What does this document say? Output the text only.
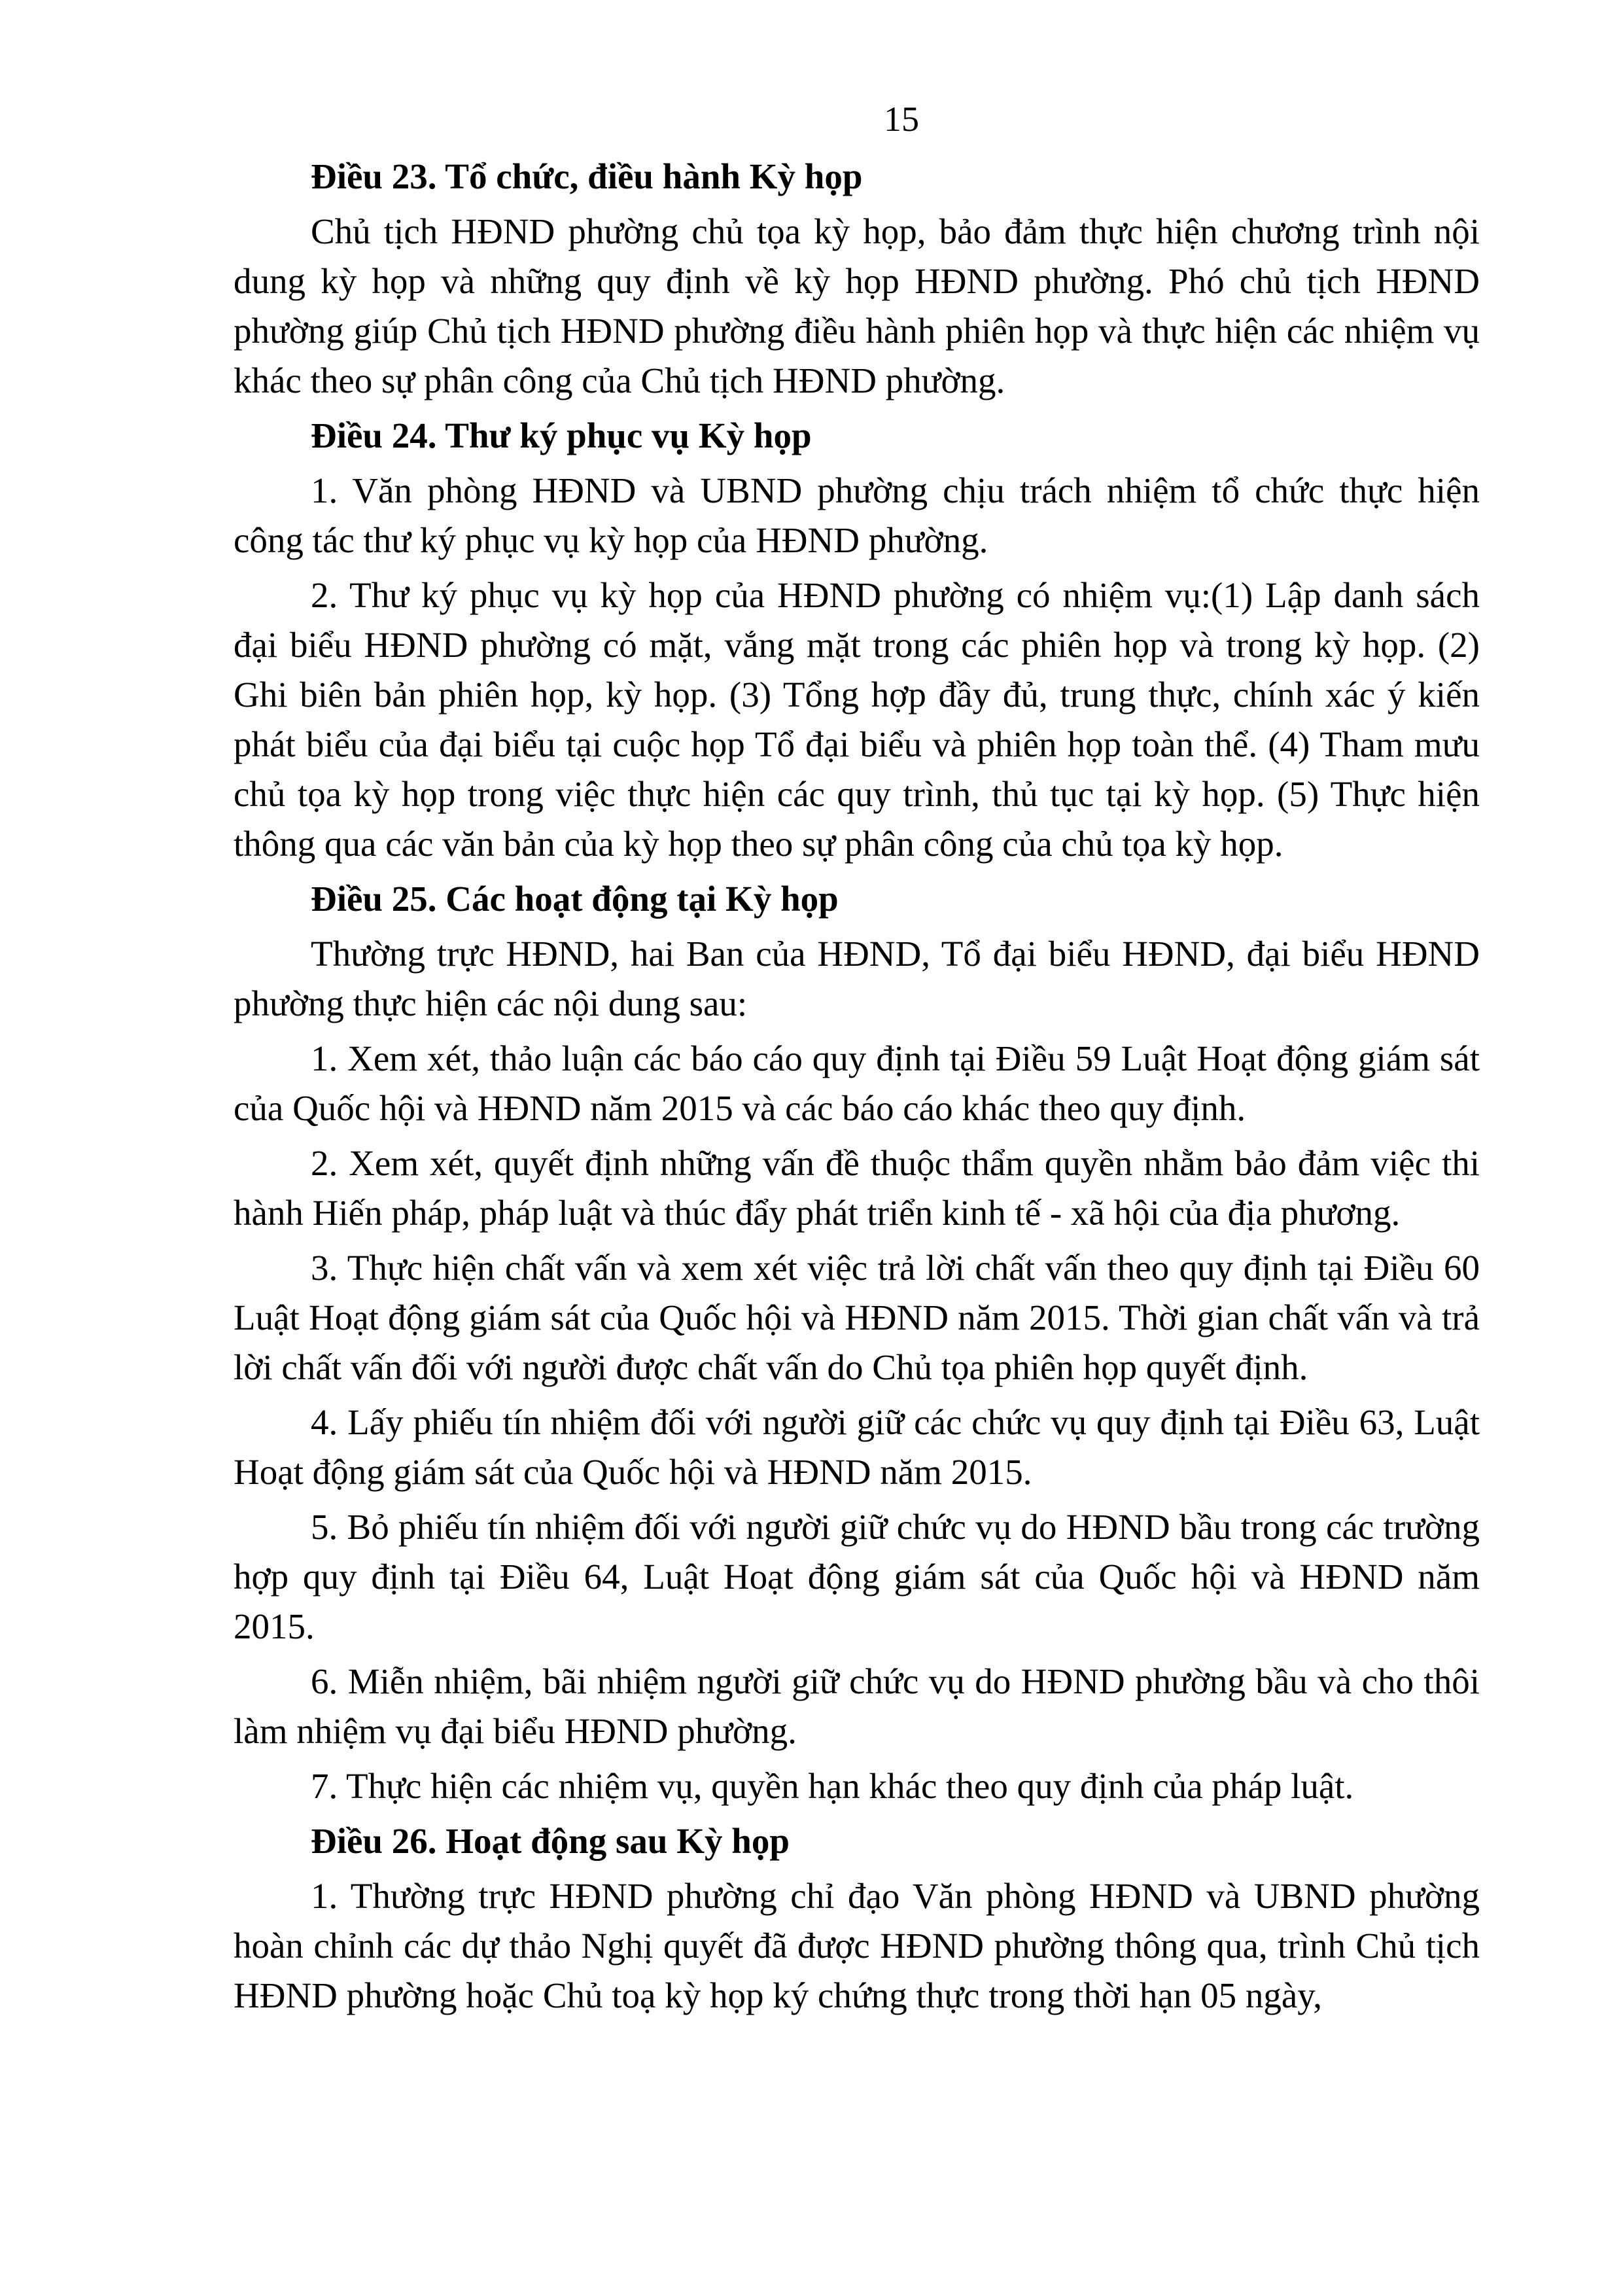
15
Điều 23. Tổ chức, điều hành Kỳ họp

Chủ tịch HĐND phường chủ tọa kỳ họp, bảo đảm thực hiện chương trình nội dung kỳ họp và những quy định về kỳ họp HĐND phường. Phó chủ tịch HĐND phường giúp Chủ tịch HĐND phường điều hành phiên họp và thực hiện các nhiệm vụ khác theo sự phân công của Chủ tịch HĐND phường.

Điều 24. Thư ký phục vụ Kỳ họp

1. Văn phòng HĐND và UBND phường chịu trách nhiệm tổ chức thực hiện công tác thư ký phục vụ kỳ họp của HĐND phường.

2. Thư ký phục vụ kỳ họp của HĐND phường có nhiệm vụ:(1) Lập danh sách đại biểu HĐND phường có mặt, vắng mặt trong các phiên họp và trong kỳ họp. (2) Ghi biên bản phiên họp, kỳ họp. (3) Tổng hợp đầy đủ, trung thực, chính xác ý kiến phát biểu của đại biểu tại cuộc họp Tổ đại biểu và phiên họp toàn thể. (4) Tham mưu chủ tọa kỳ họp trong việc thực hiện các quy trình, thủ tục tại kỳ họp. (5) Thực hiện thông qua các văn bản của kỳ họp theo sự phân công của chủ tọa kỳ họp.

Điều 25. Các hoạt động tại Kỳ họp

Thường trực HĐND, hai Ban của HĐND, Tổ đại biểu HĐND, đại biểu HĐND phường thực hiện các nội dung sau:

1. Xem xét, thảo luận các báo cáo quy định tại Điều 59 Luật Hoạt động giám sát của Quốc hội và HĐND năm 2015 và các báo cáo khác theo quy định.

2. Xem xét, quyết định những vấn đề thuộc thẩm quyền nhằm bảo đảm việc thi hành Hiến pháp, pháp luật và thúc đẩy phát triển kinh tế - xã hội của địa phương.

3. Thực hiện chất vấn và xem xét việc trả lời chất vấn theo quy định tại Điều 60 Luật Hoạt động giám sát của Quốc hội và HĐND năm 2015. Thời gian chất vấn và trả lời chất vấn đối với người được chất vấn do Chủ tọa phiên họp quyết định.

4. Lấy phiếu tín nhiệm đối với người giữ các chức vụ quy định tại Điều 63, Luật Hoạt động giám sát của Quốc hội và HĐND năm 2015.

5. Bỏ phiếu tín nhiệm đối với người giữ chức vụ do HĐND bầu trong các trường hợp quy định tại Điều 64, Luật Hoạt động giám sát của Quốc hội và HĐND năm 2015.

6. Miễn nhiệm, bãi nhiệm người giữ chức vụ do HĐND phường bầu và cho thôi làm nhiệm vụ đại biểu HĐND phường.

7. Thực hiện các nhiệm vụ, quyền hạn khác theo quy định của pháp luật.

Điều 26. Hoạt động sau Kỳ họp

1. Thường trực HĐND phường chỉ đạo Văn phòng HĐND và UBND phường hoàn chỉnh các dự thảo Nghị quyết đã được HĐND phường thông qua, trình Chủ tịch HĐND phường hoặc Chủ toạ kỳ họp ký chứng thực trong thời hạn 05 ngày,
